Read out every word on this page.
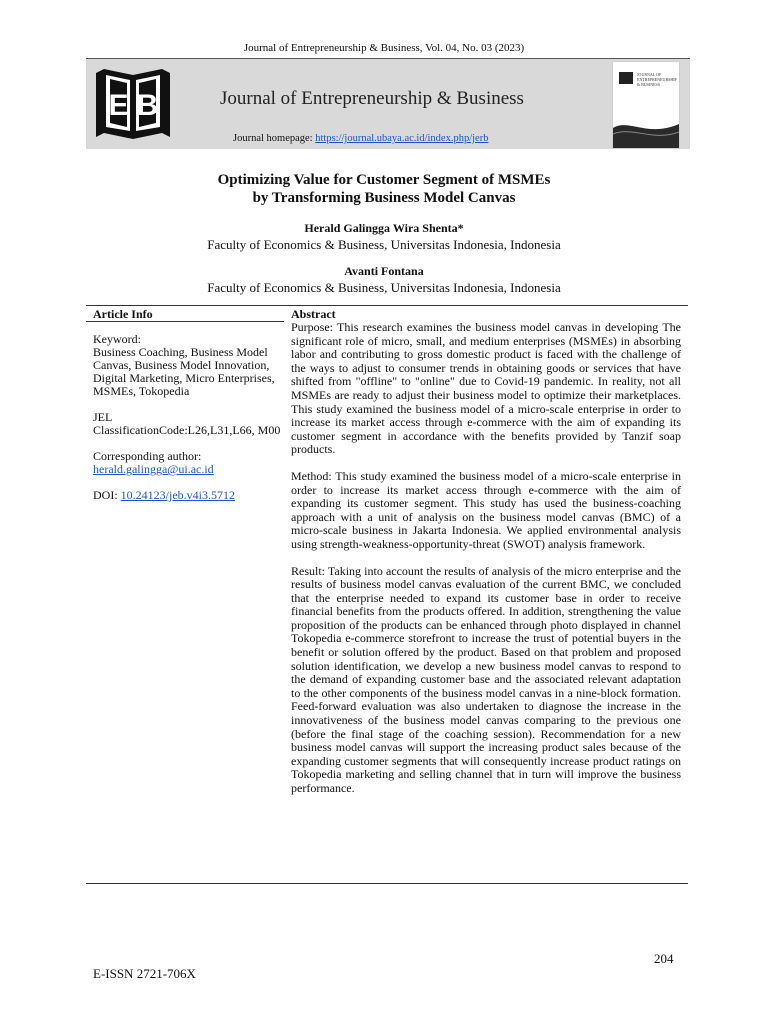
Journal of Entrepreneurship & Business, Vol. 04, No. 03 (2023)
E B	Journal of Entrepreneurship & Business
Journal homepage: https://journal.ubaya.ac.id/index.php/jerb
JOURNAL OF ENTREPRENEURSHIP & BUSINESS
Optimizing Value for Customer Segment of MSMEs
by Transforming Business Model Canvas
Herald Galingga Wira Shenta*
Faculty of Economics & Business, Universitas Indonesia, Indonesia
Avanti Fontana
Faculty of Economics & Business, Universitas Indonesia, Indonesia
Article Info	Abstract

Keyword:

Business Coaching, Business Model Canvas, Business Model Innovation, Digital Marketing, Micro Enterprises, MSMEs, Tokopedia

JEL

ClassificationCode:L26,L31,L66, M00

Corresponding author:

herald.galingga@ui.ac.id

DOI: 10.24123/jeb.v4i3.5712

Purpose: This research examines the business model canvas in developing The significant role of micro, small, and medium enterprises (MSMEs) in absorbing labor and contributing to gross domestic product is faced with the challenge of the ways to adjust to consumer trends in obtaining goods or services that have shifted from "offline" to "online" due to Covid-19 pandemic. In reality, not all MSMEs are ready to adjust their business model to optimize their marketplaces. This study examined the business model of a micro-scale enterprise in order to increase its market access through e-commerce with the aim of expanding its customer segment in accordance with the benefits provided by Tanzif soap products.

Method: This study examined the business model of a micro-scale enterprise in order to increase its market access through e-commerce with the aim of expanding its customer segment. This study has used the business-coaching approach with a unit of analysis on the business model canvas (BMC) of a micro-scale business in Jakarta Indonesia. We applied environmental analysis using strength-weakness-opportunity-threat (SWOT) analysis framework.

Result: Taking into account the results of analysis of the micro enterprise and the results of business model canvas evaluation of the current BMC, we concluded that the enterprise needed to expand its customer base in order to receive financial benefits from the products offered. In addition, strengthening the value proposition of the products can be enhanced through photo displayed in channel Tokopedia e-commerce storefront to increase the trust of potential buyers in the benefit or solution offered by the product. Based on that problem and proposed solution identification, we develop a new business model canvas to respond to the demand of expanding customer base and the associated relevant adaptation to the other components of the business model canvas in a nine-block formation. Feed-forward evaluation was also undertaken to diagnose the increase in the innovativeness of the business model canvas comparing to the previous one (before the final stage of the coaching session). Recommendation for a new business model canvas will support the increasing product sales because of the expanding customer segments that will consequently increase product ratings on Tokopedia marketing and selling channel that in turn will improve the business performance.

204
E-ISSN 2721-706X
